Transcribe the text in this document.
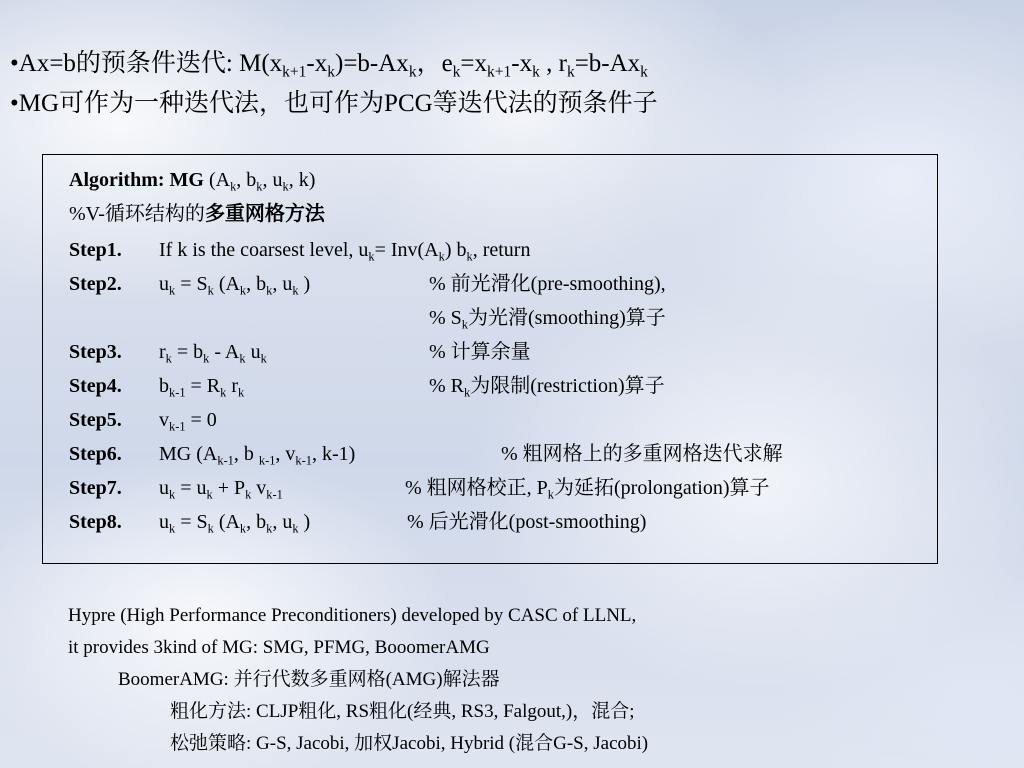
•Ax=b的预条件迭代: $M(x_{k+1}-x_k)=b-Ax_k$，$e_k=x_{k+1}-x_k$ , $r_k=b-Ax_k$
•MG可作为一种迭代法，也可作为PCG等迭代法的预条件子
Algorithm: MG ($A_k$, $b_k$, $u_k$, k)
%V-循环结构的多重网格方法
Step1. If k is the coarsest level, $u_k= Inv(A_k)$ $b_k$, return
Step2. $u_k = S_k$ ($A_k$, $b_k$, $u_k$ )	% 前光滑化(pre-smoothing),
% $S_k$为光滑(smoothing)算子
Step3. $r_k = b_k - A_k$ $u_k$	% 计算余量
Step4. $b_{k-1} = R_k$ $r_k$	% $R_k$为限制(restriction)算子
Step5. $v_{k-1} = 0$
Step6. MG ($A_{k-1}$, b $_{k-1}$, $v_{k-1}$, k-1)	% 粗网格上的多重网格迭代求解
Step7. $u_k = u_k + P_k$ $v_{k-1}$	% 粗网格校正, $P_k$为延拓(prolongation)算子
Step8. $u_k = S_k$ ($A_k$, $b_k$, $u_k$ )	% 后光滑化(post-smoothing)
Hypre (High Performance Preconditioners) developed by CASC of LLNL,
it provides 3kind of MG: SMG, PFMG, BooomerAMG
BoomerAMG: 并行代数多重网格(AMG)解法器
粗化方法: CLJP粗化, RS粗化(经典, RS3, Falgout,)，混合;
松弛策略: G-S, Jacobi, 加权Jacobi, Hybrid (混合G-S, Jacobi)
